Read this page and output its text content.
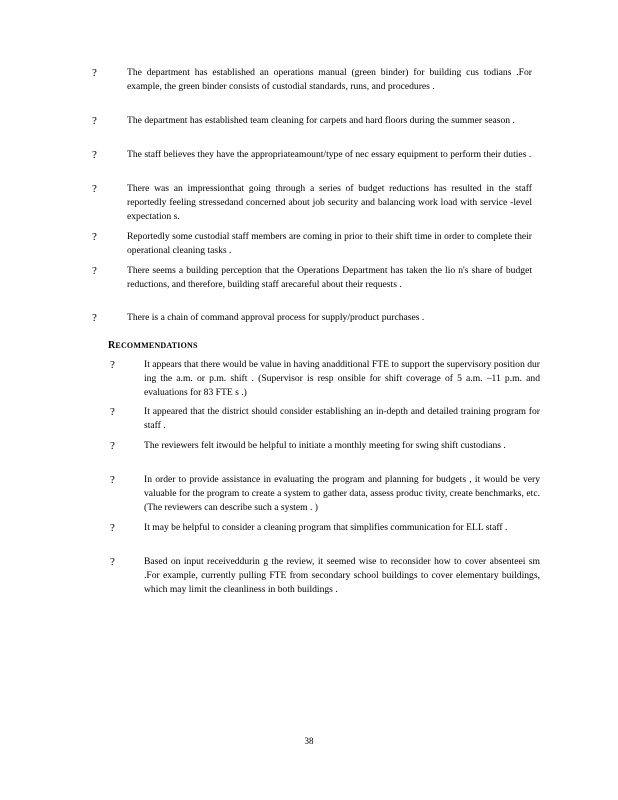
?	The department has established an operations manual (green binder) for building cus todians .For example, the green binder consists of custodial standards, runs, and procedures .
?	The department has established team cleaning for carpets and hard floors during the summer season .
?	The staff believes they have the appropriateamount/type of nec essary equipment to perform their duties .
?	There was an impressionthat going through a series of budget reductions has resulted in the staff reportedly feeling stressedand concerned about job security and balancing work load with service -level expectation s.
?	Reportedly some custodial staff members are coming in prior to their shift time in order to complete their operational cleaning tasks .
?	There seems a building perception that the Operations Department has taken the lio n's share of budget reductions, and therefore, building staff arecareful about their requests .
?	There is a chain of command approval process for supply/product purchases .
RECOMMENDATIONS
?	It appears that there would be value in having anadditional FTE to support the supervisory position dur ing the a.m. or p.m. shift . (Supervisor is resp onsible for shift coverage of 5 a.m. –11 p.m. and evaluations for 83 FTE s .)
?	It appeared that the district should consider establishing an in-depth and detailed training program for staff .
?	The reviewers felt itwould be helpful to initiate a monthly meeting for swing shift custodians .
?	In order to provide assistance in evaluating the program and planning for budgets , it would be very valuable for the program to create a system to gather data, assess produc tivity, create benchmarks, etc. (The reviewers can describe such a system . )
?	It may be helpful to consider a cleaning program that simplifies communication for ELL staff .
?	Based on input receiveddurin g the review, it seemed wise to reconsider how to cover absenteei sm .For example, currently pulling FTE from secondary school buildings to cover elementary buildings, which may limit the cleanliness in both buildings .
38
